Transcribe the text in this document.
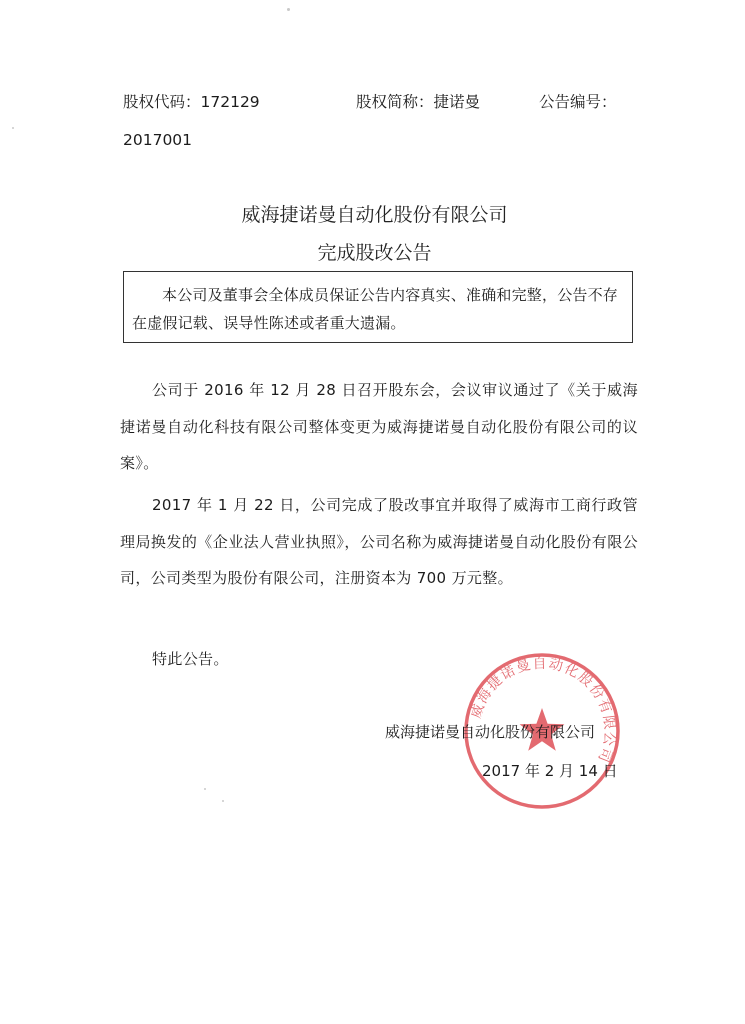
股权代码：172129	股权简称：捷诺曼	公告编号：
2017001
威海捷诺曼自动化股份有限公司
完成股改公告
本公司及董事会全体成员保证公告内容真实、准确和完整，公告不存在虚假记载、误导性陈述或者重大遗漏。
公司于 2016 年 12 月 28 日召开股东会，会议审议通过了《关于威海捷诺曼自动化科技有限公司整体变更为威海捷诺曼自动化股份有限公司的议案》。
2017 年 1 月 22 日，公司完成了股改事宜并取得了威海市工商行政管理局换发的《企业法人营业执照》，公司名称为威海捷诺曼自动化股份有限公司，公司类型为股份有限公司，注册资本为 700 万元整。
特此公告。
威海捷诺曼自动化股份有限公司
威海捷诺曼自动化股份有限公司
2017 年 2 月 14 日
